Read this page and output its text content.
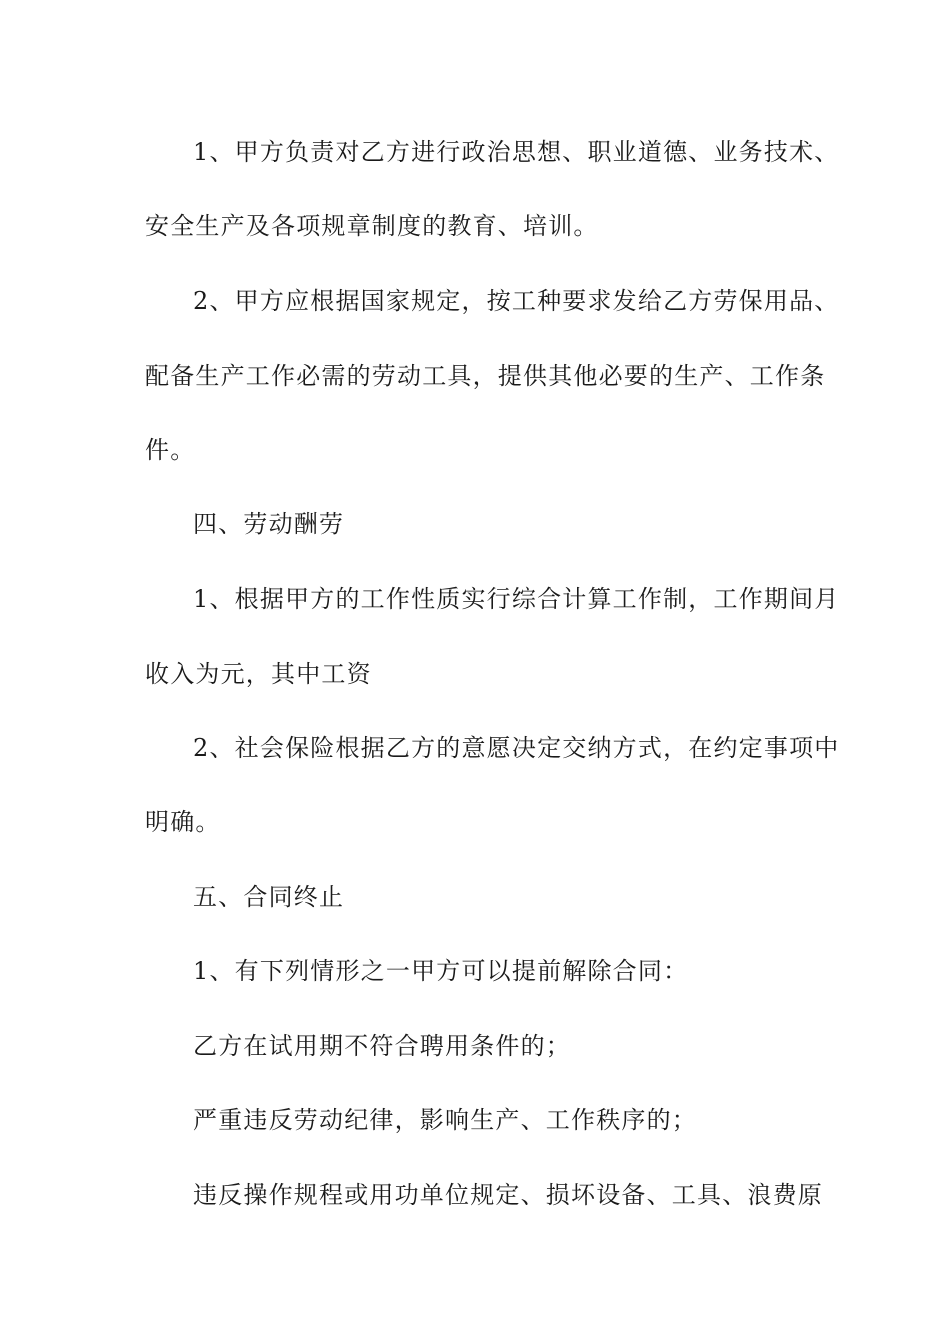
1、甲方负责对乙方进行政治思想、职业道德、业务技术、
安全生产及各项规章制度的教育、培训。
2、甲方应根据国家规定，按工种要求发给乙方劳保用品、
配备生产工作必需的劳动工具，提供其他必要的生产、工作条
件。
四、劳动酬劳
1、根据甲方的工作性质实行综合计算工作制，工作期间月
收入为元，其中工资
2、社会保险根据乙方的意愿决定交纳方式，在约定事项中
明确。
五、合同终止
1、有下列情形之一甲方可以提前解除合同：
乙方在试用期不符合聘用条件的；
严重违反劳动纪律，影响生产、工作秩序的；
违反操作规程或用功单位规定、损坏设备、工具、浪费原
